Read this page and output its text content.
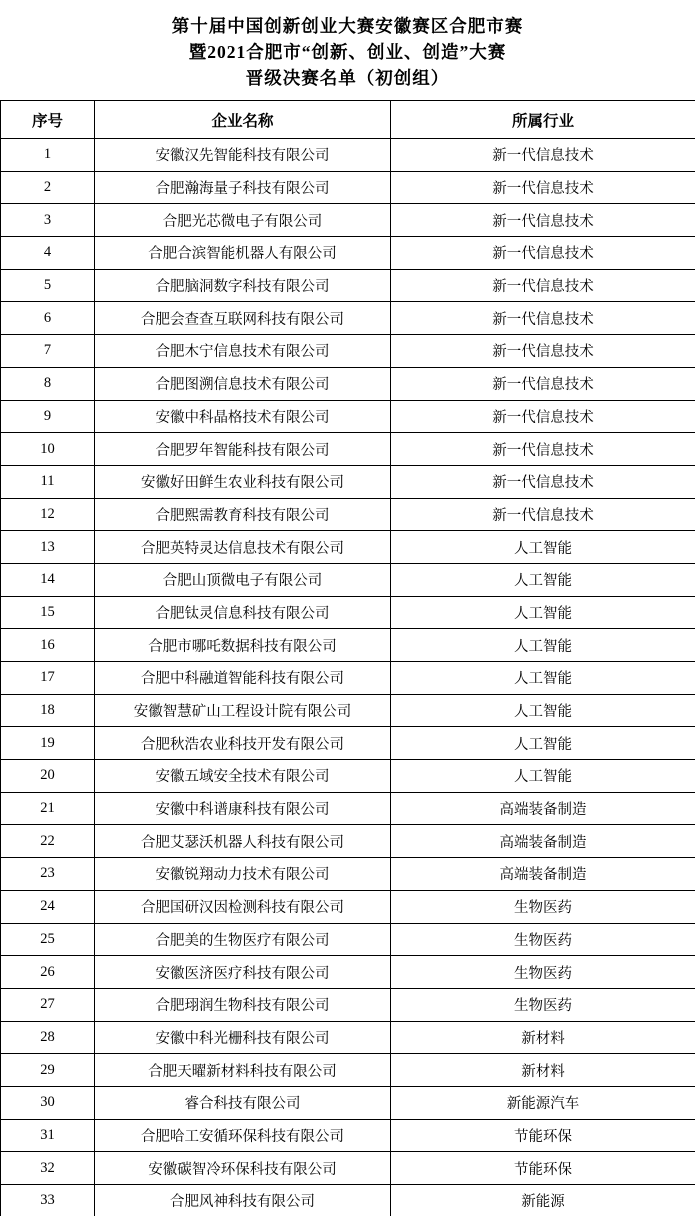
第十届中国创新创业大赛安徽赛区合肥市赛
暨2021合肥市“创新、创业、创造”大赛
晋级决赛名单（初创组）
序号	企业名称	所属行业
1	安徽汉先智能科技有限公司	新一代信息技术
2	合肥瀚海量子科技有限公司	新一代信息技术
3	合肥光芯微电子有限公司	新一代信息技术
4	合肥合滨智能机器人有限公司	新一代信息技术
5	合肥脑洞数字科技有限公司	新一代信息技术
6	合肥会查查互联网科技有限公司	新一代信息技术
7	合肥木宁信息技术有限公司	新一代信息技术
8	合肥图溯信息技术有限公司	新一代信息技术
9	安徽中科晶格技术有限公司	新一代信息技术
10	合肥罗年智能科技有限公司	新一代信息技术
11	安徽好田鲜生农业科技有限公司	新一代信息技术
12	合肥熙需教育科技有限公司	新一代信息技术
13	合肥英特灵达信息技术有限公司	人工智能
14	合肥山顶微电子有限公司	人工智能
15	合肥钛灵信息科技有限公司	人工智能
16	合肥市哪吒数据科技有限公司	人工智能
17	合肥中科融道智能科技有限公司	人工智能
18	安徽智慧矿山工程设计院有限公司	人工智能
19	合肥秋浩农业科技开发有限公司	人工智能
20	安徽五域安全技术有限公司	人工智能
21	安徽中科谱康科技有限公司	高端装备制造
22	合肥艾瑟沃机器人科技有限公司	高端装备制造
23	安徽锐翔动力技术有限公司	高端装备制造
24	合肥国研汉因检测科技有限公司	生物医药
25	合肥美的生物医疗有限公司	生物医药
26	安徽医济医疗科技有限公司	生物医药
27	合肥珝润生物科技有限公司	生物医药
28	安徽中科光栅科技有限公司	新材料
29	合肥天曜新材料科技有限公司	新材料
30	睿合科技有限公司	新能源汽车
31	合肥哈工安循环保科技有限公司	节能环保
32	安徽碳智冷环保科技有限公司	节能环保
33	合肥风神科技有限公司	新能源
